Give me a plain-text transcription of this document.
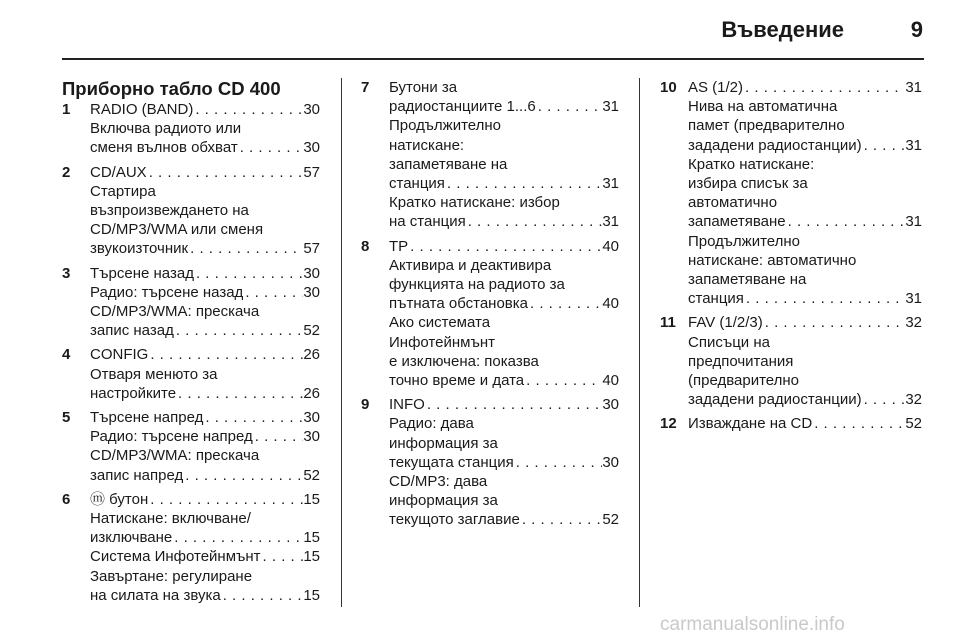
Въведение	9
Приборно табло CD 400
1	RADIO (BAND) . . .	30
Включва радиото или
сменя вълнов обхват . . .	30
2	CD/AUX . . .	57
Стартира
възпроизвеждането на
CD/MP3/WMA или сменя
звукоизточник . . .	57
3	Търсене назад . . .	30
Радио: търсене назад . . .	30
CD/MP3/WMA: прескача
запис назад . . .	52
4	CONFIG . . .	26
Отваря менюто за
настройките . . .	26
5	Търсене напред . . .	30
Радио: търсене напред . . .	30
CD/MP3/WMA: прескача
запис напред . . .	52
6	ⓜ бутон . . .	15
Натискане: включване/
изключване . . .	15
Система Инфотейнмънт . . .	15
Завъртане: регулиране
на силата на звука . . .	15
7	Бутони за
радиостанциите 1...6 . . .	31
Продължително
натискане:
запаметяване на
станция . . .	31
Кратко натискане: избор
на станция . . .	31
8	TP . . .	40
Активира и деактивира
функцията на радиото за
пътната обстановка . . .	40
Ако системата
Инфотейнмънт
е изключена: показва
точно време и дата . . .	40
9	INFO . . .	30
Радио: дава
информация за
текущата станция . . .	30
CD/MP3: дава
информация за
текущото заглавие . . .	52
10 AS (1/2) . . .	31
Нива на автоматична
памет (предварително
зададени радиостанции) . . .	31
Кратко натискане:
избира списък за
автоматично
запаметяване . . .	31
Продължително
натискане: автоматично
запаметяване на
станция . . .	31
11 FAV (1/2/3) . . .	32
Списъци на
предпочитания
(предварително
зададени радиостанции) . . .	32
12 Изваждане на CD . . .	52
carmanualsonline.info
